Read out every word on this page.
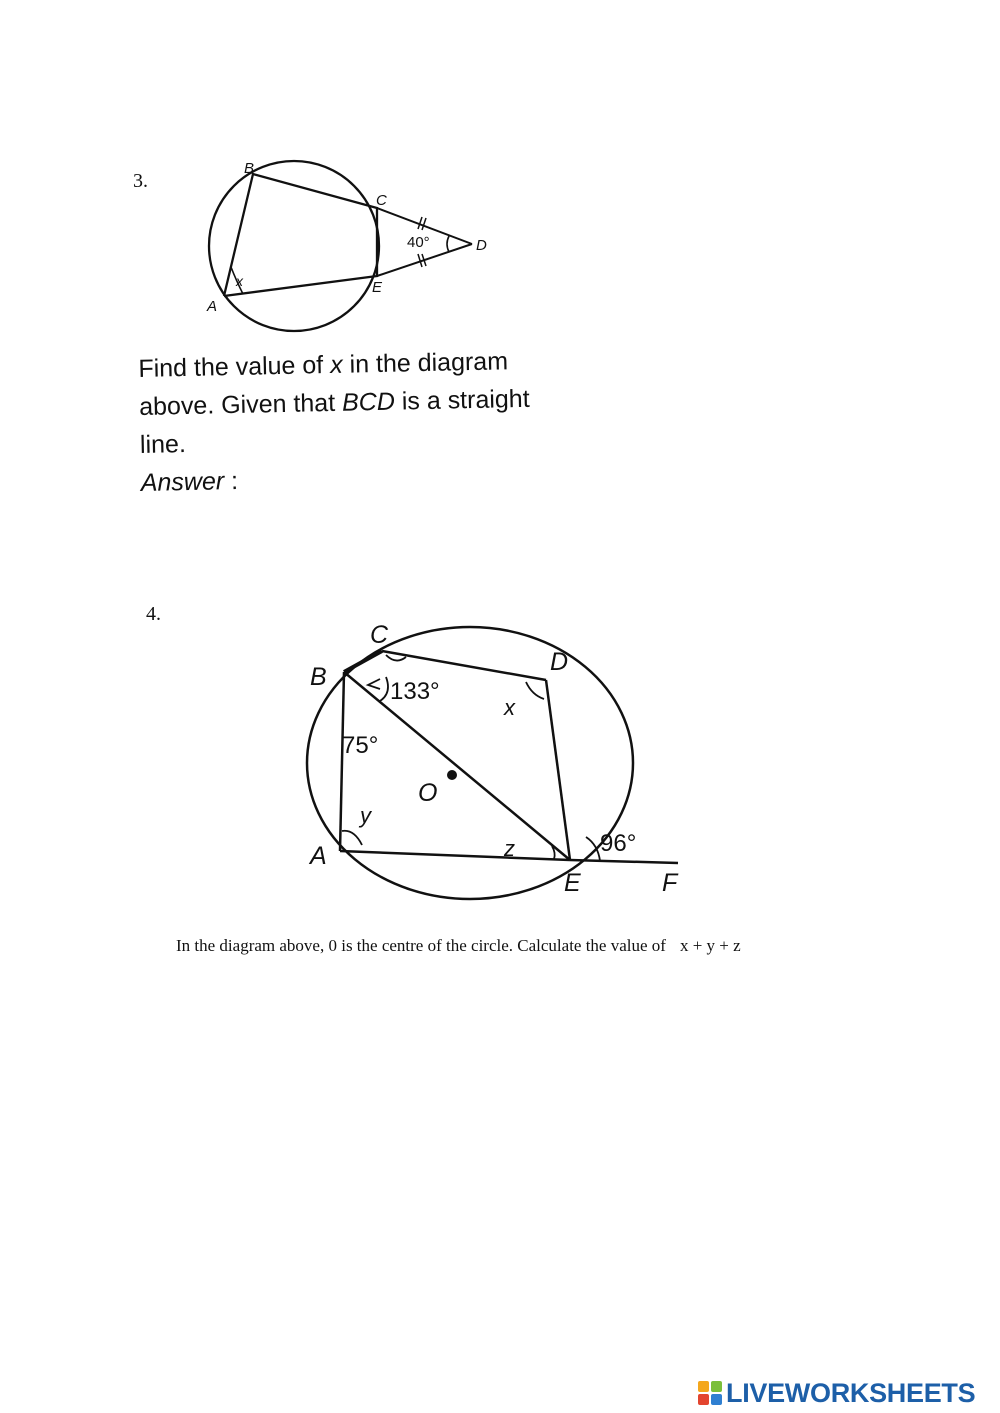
3.
B
C
D
E
A
x
40°
Find the value of x in the diagram
above. Given that BCD is a straight
line.
Answer :
4.
C
D
B
A
E	F
O
x
y
z
133°
75°
96°
In the diagram above, 0 is the centre of the circle. Calculate the value of x + y + z
LIVEWORKSHEETS
